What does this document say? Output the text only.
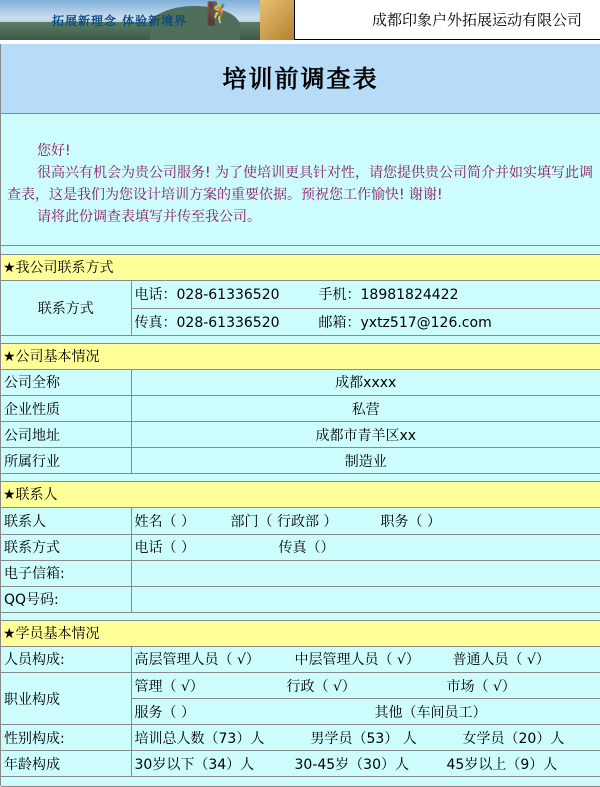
拓展新理念 体验新境界 🧗	成都印象户外拓展运动有限公司
培训前调查表

您好!

很高兴有机会为贵公司服务! 为了使培训更具针对性，请您提供贵公司简介并如实填写此调查表，这是我们为您设计培训方案的重要依据。预祝您工作愉快! 谢谢!

请将此份调查表填写并传至我公司。

★我公司联系方式
联系方式	电话：028-61336520	手机：18981824422
传真：028-61336520	邮箱：yxtz517@126.com
★公司基本情况
公司全称	成都xxxx
企业性质	私营
公司地址	成都市青羊区xx
所属行业	制造业
★联系人
联系人	姓名（ ） 部门（ 行政部 ） 职务（ ）
联系方式	电话（ ） 传真（）
电子信箱:	
QQ号码:	
★学员基本情况
人员构成:	高层管理人员（ √） 中层管理人员（ √） 普通人员（ √）
职业构成	管理（ √） 行政（ √） 市场（ √）
	服务（ ） 其他（车间员工）
性别构成:	培训总人数（73）人 男学员（53） 人 女学员（20）人
年龄构成	30岁以下（34）人 30-45岁（30）人 45岁以上（9）人
